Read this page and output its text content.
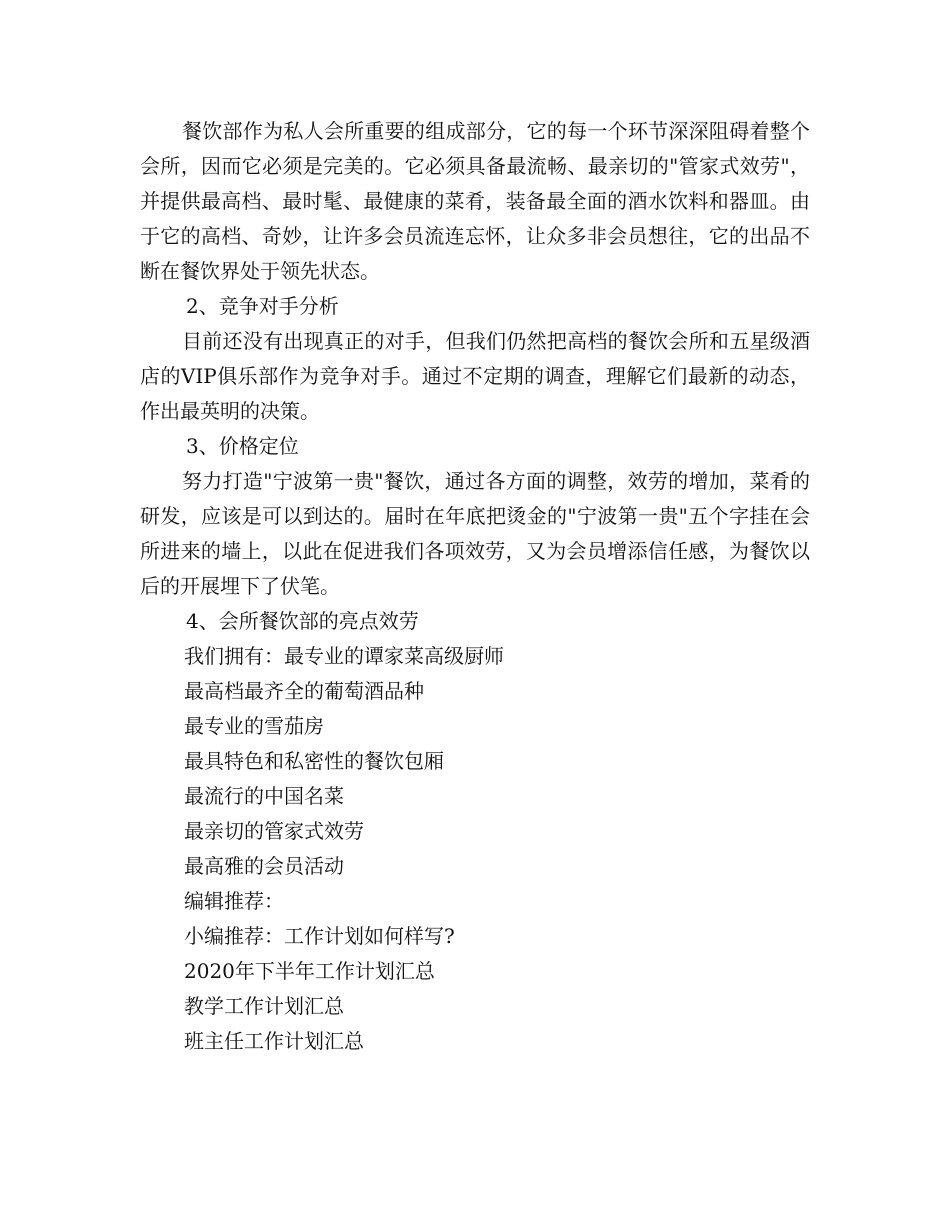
餐饮部作为私人会所重要的组成部分，它的每一个环节深深阻碍着整个会所，因而它必须是完美的。它必须具备最流畅、最亲切的"管家式效劳"，并提供最高档、最时髦、最健康的菜肴，装备最全面的酒水饮料和器皿。由于它的高档、奇妙，让许多会员流连忘怀，让众多非会员想往，它的出品不断在餐饮界处于领先状态。

2、竞争对手分析

目前还没有出现真正的对手，但我们仍然把高档的餐饮会所和五星级酒店的VIP俱乐部作为竞争对手。通过不定期的调查，理解它们最新的动态，作出最英明的决策。

3、价格定位

努力打造"宁波第一贵"餐饮，通过各方面的调整，效劳的增加，菜肴的研发，应该是可以到达的。届时在年底把烫金的"宁波第一贵"五个字挂在会所进来的墙上，以此在促进我们各项效劳，又为会员增添信任感，为餐饮以后的开展埋下了伏笔。

4、会所餐饮部的亮点效劳

我们拥有：最专业的谭家菜高级厨师

最高档最齐全的葡萄酒品种

最专业的雪茄房

最具特色和私密性的餐饮包厢

最流行的中国名菜

最亲切的管家式效劳

最高雅的会员活动

编辑推荐：

小编推荐：工作计划如何样写?

2020年下半年工作计划汇总

教学工作计划汇总

班主任工作计划汇总
